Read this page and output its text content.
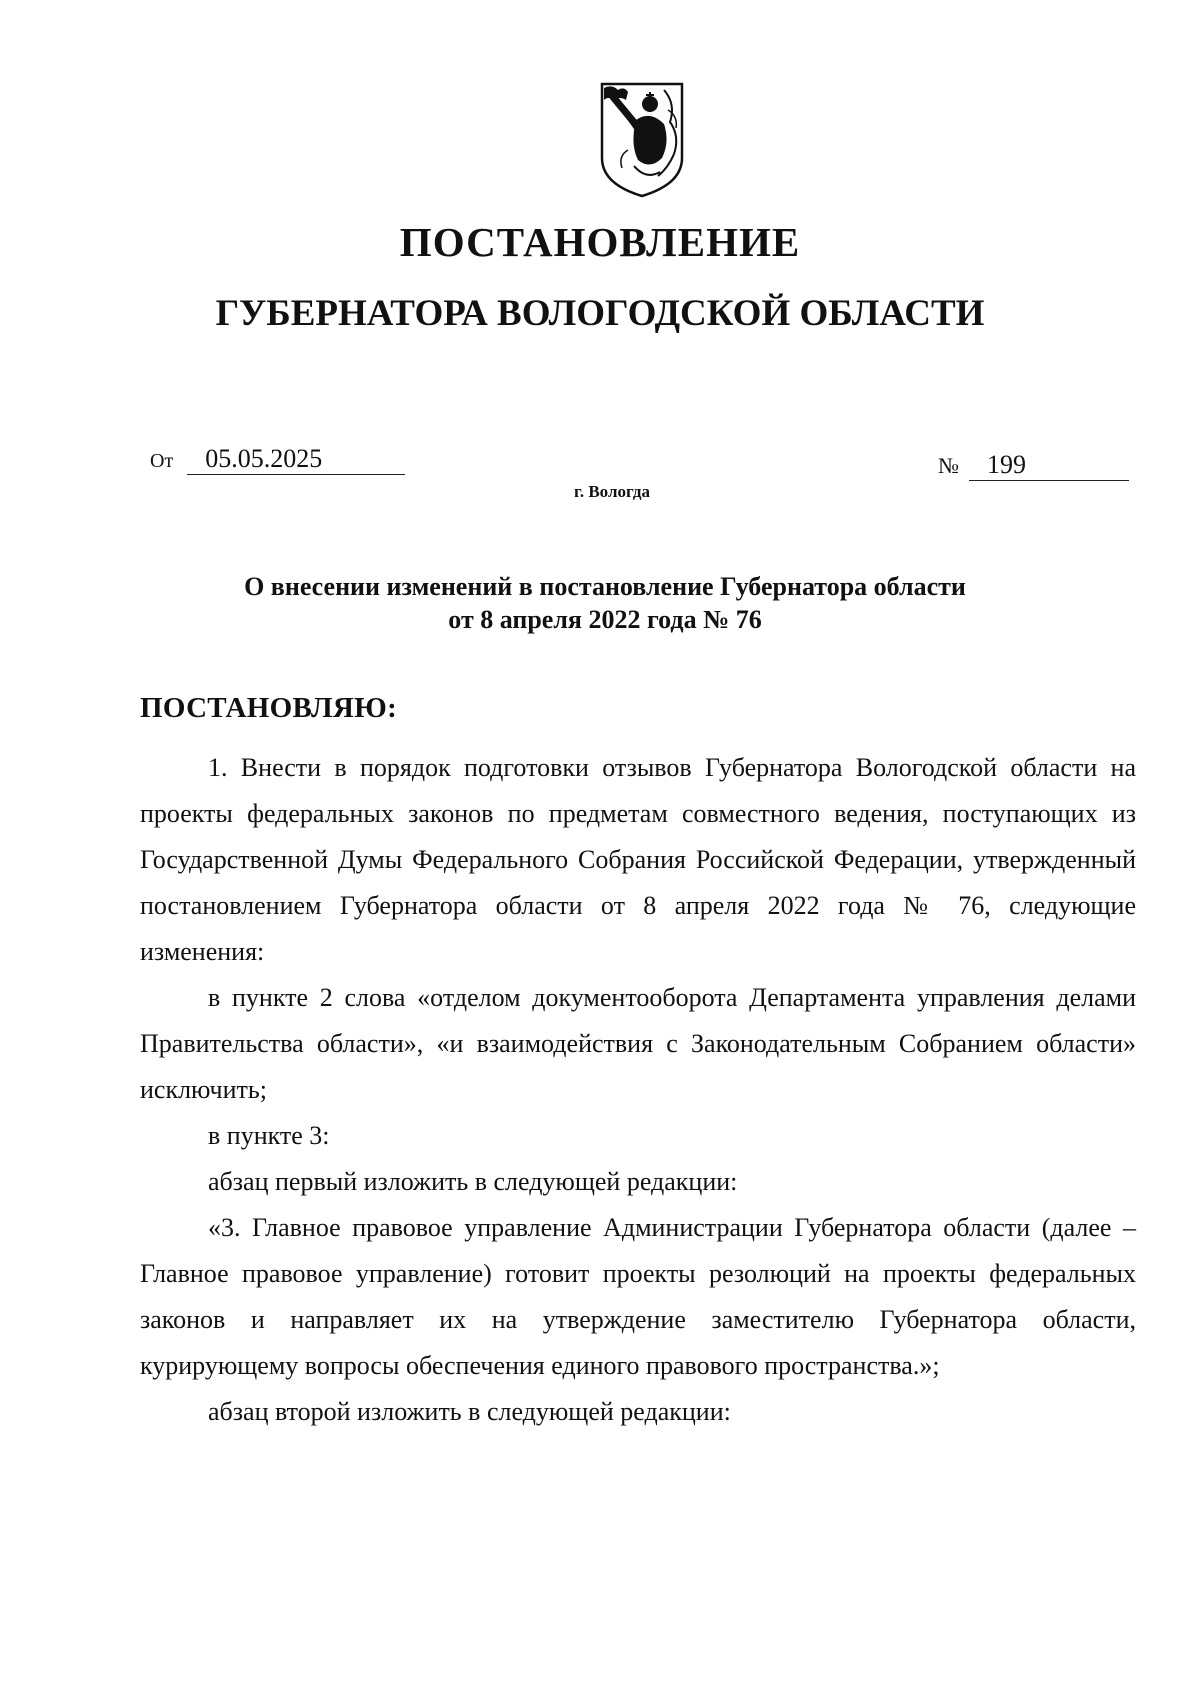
ПОСТАНОВЛЕНИЕ
ГУБЕРНАТОРА ВОЛОГОДСКОЙ ОБЛАСТИ
От 05.05.2025	№ 199
г. Вологда
О внесении изменений в постановление Губернатора области
от 8 апреля 2022 года № 76
ПОСТАНОВЛЯЮ:

1. Внести в порядок подготовки отзывов Губернатора Вологодской области на проекты федеральных законов по предметам совместного ведения, поступающих из Государственной Думы Федерального Собрания Российской Федерации, утвержденный постановлением Губернатора области от 8 апреля 2022 года № 76, следующие изменения:

в пункте 2 слова «отделом документооборота Департамента управления делами Правительства области», «и взаимодействия с Законодательным Собранием области» исключить;

в пункте 3:

абзац первый изложить в следующей редакции:

«3. Главное правовое управление Администрации Губернатора области (далее – Главное правовое управление) готовит проекты резолюций на проекты федеральных законов и направляет их на утверждение заместителю Губернатора области, курирующему вопросы обеспечения единого правового пространства.»;

абзац второй изложить в следующей редакции:
